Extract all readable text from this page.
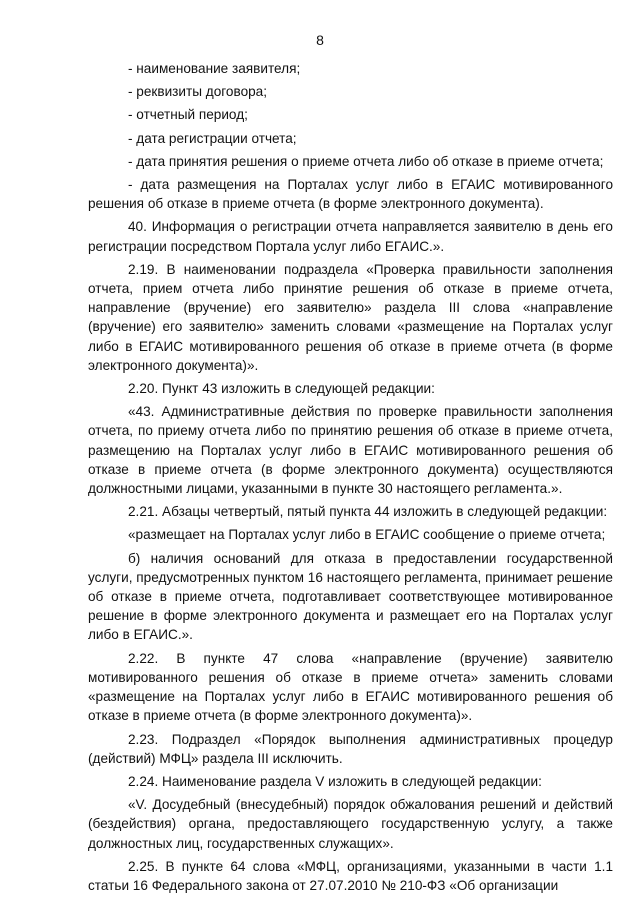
8

- наименование заявителя;

- реквизиты договора;

- отчетный период;

- дата регистрации отчета;

- дата принятия решения о приеме отчета либо об отказе в приеме отчета;

- дата размещения на Порталах услуг либо в ЕГАИС мотивированного решения об отказе в приеме отчета (в форме электронного документа).

40. Информация о регистрации отчета направляется заявителю в день его регистрации посредством Портала услуг либо ЕГАИС.».

2.19. В наименовании подраздела «Проверка правильности заполнения отчета, прием отчета либо принятие решения об отказе в приеме отчета, направление (вручение) его заявителю» раздела III слова «направление (вручение) его заявителю» заменить словами «размещение на Порталах услуг либо в ЕГАИС мотивированного решения об отказе в приеме отчета (в форме электронного документа)».

2.20. Пункт 43 изложить в следующей редакции:

«43. Административные действия по проверке правильности заполнения отчета, по приему отчета либо по принятию решения об отказе в приеме отчета, размещению на Порталах услуг либо в ЕГАИС мотивированного решения об отказе в приеме отчета (в форме электронного документа) осуществляются должностными лицами, указанными в пункте 30 настоящего регламента.».

2.21. Абзацы четвертый, пятый пункта 44 изложить в следующей редакции:

«размещает на Порталах услуг либо в ЕГАИС сообщение о приеме отчета;

б) наличия оснований для отказа в предоставлении государственной услуги, предусмотренных пунктом 16 настоящего регламента, принимает решение об отказе в приеме отчета, подготавливает соответствующее мотивированное решение в форме электронного документа и размещает его на Порталах услуг либо в ЕГАИС.».

2.22. В пункте 47 слова «направление (вручение) заявителю мотивированного решения об отказе в приеме отчета» заменить словами «размещение на Порталах услуг либо в ЕГАИС мотивированного решения об отказе в приеме отчета (в форме электронного документа)».

2.23. Подраздел «Порядок выполнения административных процедур (действий) МФЦ» раздела III исключить.

2.24. Наименование раздела V изложить в следующей редакции:

«V. Досудебный (внесудебный) порядок обжалования решений и действий (бездействия) органа, предоставляющего государственную услугу, а также должностных лиц, государственных служащих».

2.25. В пункте 64 слова «МФЦ, организациями, указанными в части 1.1 статьи 16 Федерального закона от 27.07.2010 № 210-ФЗ «Об организации
